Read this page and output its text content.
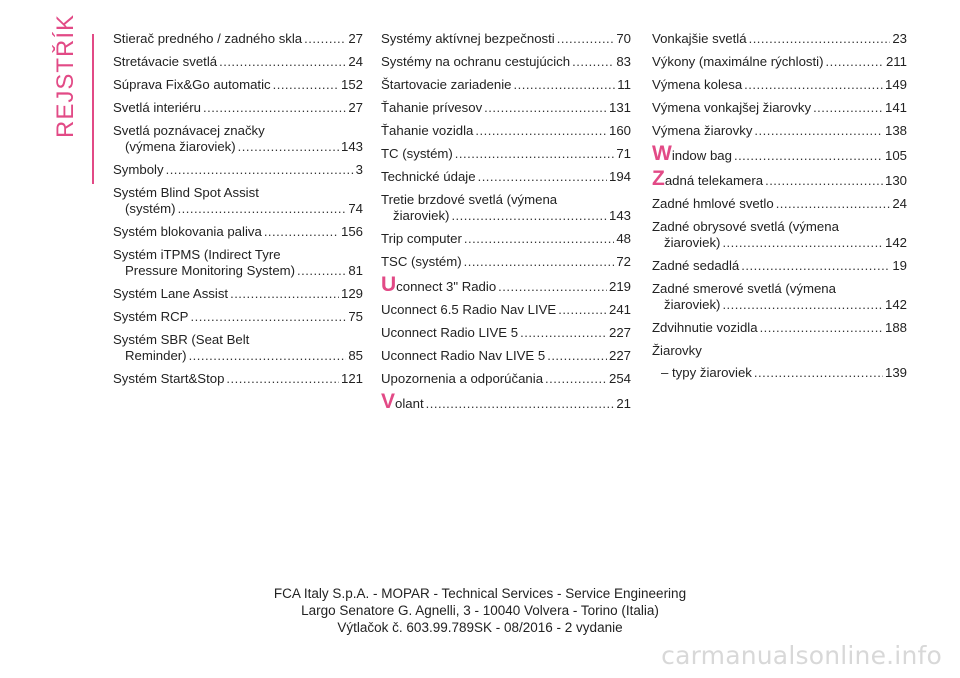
REJSTŘÍK	Stierač predného / zadného skla .....	27
Stretávacie svetlá .....	24
Súprava Fix&Go automatic .....	152
Svetlá interiéru .....	27
Svetlá poznávacej značky
(výmena žiaroviek) .....	143
Symboly .....	3
Systém Blind Spot Assist
(systém) .....	74
Systém blokovania paliva .....	156
Systém iTPMS (Indirect Tyre
Pressure Monitoring System) .....	81
Systém Lane Assist .....	129
Systém RCP .....	75
Systém SBR (Seat Belt
Reminder) .....	85
Systém Start&Stop .....	121
Systémy aktívnej bezpečnosti .....	70
Systémy na ochranu cestujúcich .....	83
Štartovacie zariadenie .....	11
Ťahanie prívesov .....	131
Ťahanie vozidla .....	160
TC (systém) .....	71
Technické údaje .....	194
Tretie brzdové svetlá (výmena
žiaroviek) .....	143
Trip computer .....	48
TSC (systém) .....	72
Uconnect 3" Radio .....	219
Uconnect 6.5 Radio Nav LIVE .....	241
Uconnect Radio LIVE 5 .....	227
Uconnect Radio Nav LIVE 5 .....	227
Upozornenia a odporúčania .....	254
Volant .....	21
Vonkajšie svetlá .....	23
Výkony (maximálne rýchlosti) .....	211
Výmena kolesa .....	149
Výmena vonkajšej žiarovky .....	141
Výmena žiarovky .....	138
Window bag .....	105
Zadná telekamera .....	130
Zadné hmlové svetlo .....	24
Zadné obrysové svetlá (výmena
žiaroviek) .....	142
Zadné sedadlá .....	19
Zadné smerové svetlá (výmena
žiaroviek) .....	142
Zdvihnutie vozidla .....	188
Žiarovky
– typy žiaroviek .....	139
FCA Italy S.p.A. - MOPAR - Technical Services - Service Engineering
Largo Senatore G. Agnelli, 3 - 10040 Volvera - Torino (Italia)
Výtlačok č. 603.99.789SK - 08/2016 - 2 vydanie
carmanualsonline.info
